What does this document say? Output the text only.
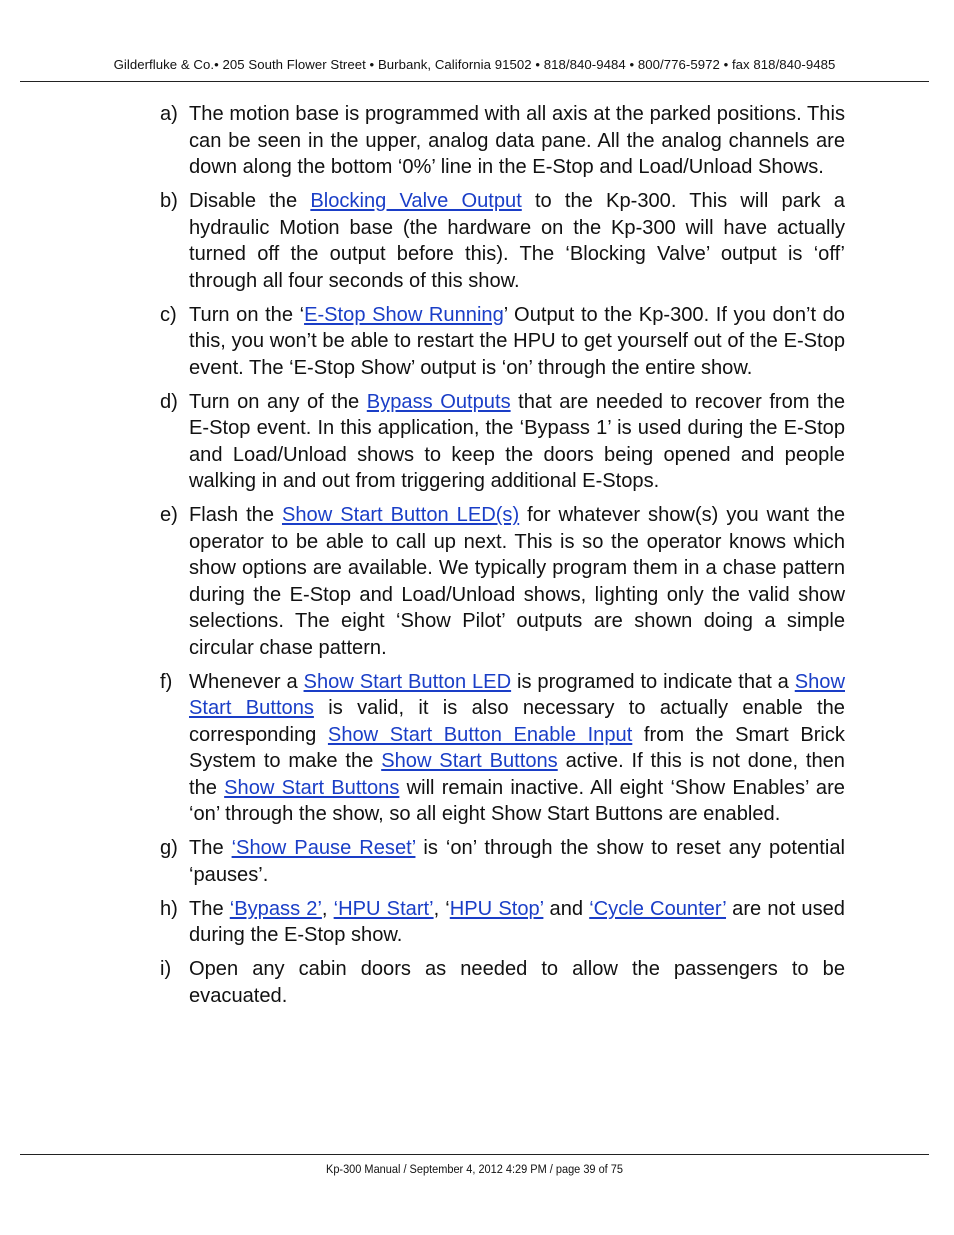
Gilderfluke & Co.• 205 South Flower Street • Burbank, California 91502 • 818/840-9484 • 800/776-5972 • fax 818/840-9485
a) The motion base is programmed with all axis at the parked positions. This can be seen in the upper, analog data pane. All the analog channels are down along the bottom ‘0%’ line in the E-Stop and Load/Unload Shows.
b) Disable the Blocking Valve Output to the Kp-300. This will park a hydraulic Motion base (the hardware on the Kp-300 will have actually turned off the output before this). The ‘Blocking Valve’ output is ‘off’ through all four seconds of this show.
c) Turn on the ‘E-Stop Show Running’ Output to the Kp-300. If you don’t do this, you won’t be able to restart the HPU to get yourself out of the E-Stop event. The ‘E-Stop Show’ output is ‘on’ through the entire show.
d) Turn on any of the Bypass Outputs that are needed to recover from the E-Stop event. In this application, the ‘Bypass 1’ is used during the E-Stop and Load/Unload shows to keep the doors being opened and people walking in and out from triggering additional E-Stops.
e) Flash the Show Start Button LED(s) for whatever show(s) you want the operator to be able to call up next. This is so the operator knows which show options are available. We typically program them in a chase pattern during the E-Stop and Load/Unload shows, lighting only the valid show selections. The eight ‘Show Pilot’ outputs are shown doing a simple circular chase pattern.
f) Whenever a Show Start Button LED is programed to indicate that a Show Start Buttons is valid, it is also necessary to actually enable the corresponding Show Start Button Enable Input from the Smart Brick System to make the Show Start Buttons active. If this is not done, then the Show Start Buttons will remain inactive. All eight ‘Show Enables’ are ‘on’ through the show, so all eight Show Start Buttons are enabled.
g) The ‘Show Pause Reset’ is ‘on’ through the show to reset any potential ‘pauses’.
h) The ‘Bypass 2’, ‘HPU Start’, ‘HPU Stop’ and ‘Cycle Counter’ are not used during the E-Stop show.
i) Open any cabin doors as needed to allow the passengers to be evacuated.
Kp-300 Manual / September 4, 2012 4:29 PM / page 39 of 75
